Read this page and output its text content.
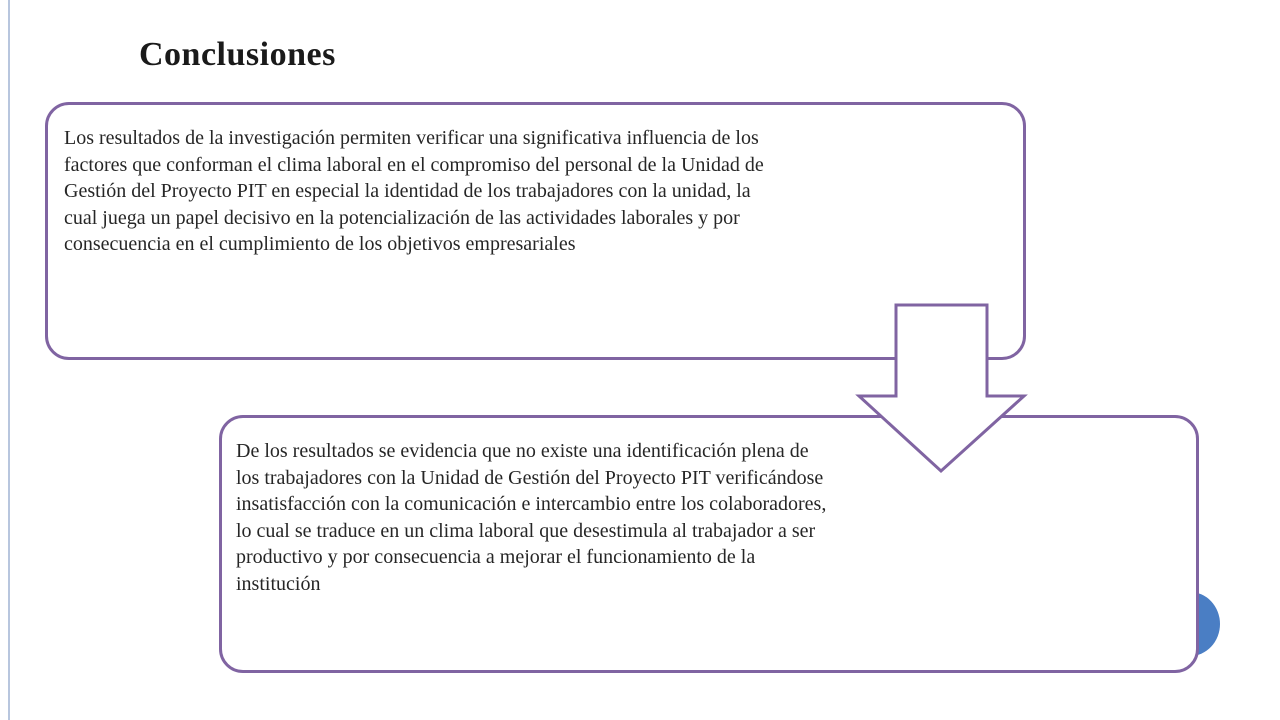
Conclusiones

De los resultados se evidencia que no existe una identificación plena de los trabajadores con la Unidad de Gestión del Proyecto PIT verificándose insatisfacción con la comunicación e intercambio entre los colaboradores, lo cual se traduce en un clima laboral que desestimula al trabajador a ser productivo y por consecuencia a mejorar el funcionamiento de la institución

Los resultados de la investigación permiten verificar una significativa influencia de los factores que conforman el clima laboral en el compromiso del personal de la Unidad de Gestión del Proyecto PIT en especial la identidad de los trabajadores con la unidad, la cual juega un papel decisivo en la potencialización de las actividades laborales y por consecuencia en el cumplimiento de los objetivos empresariales
